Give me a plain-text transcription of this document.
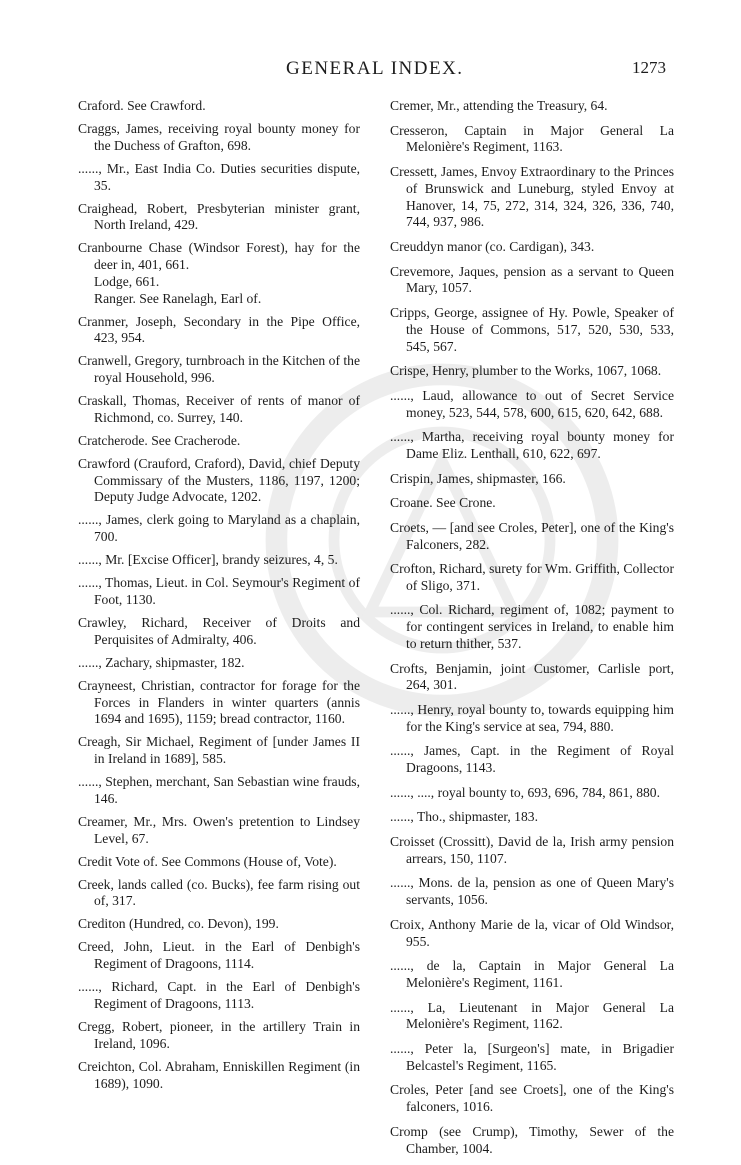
GENERAL INDEX.	1273
Craford. See Crawford.
Craggs, James, receiving royal bounty money for the Duchess of Grafton, 698.
......, Mr., East India Co. Duties securities dispute, 35.
Craighead, Robert, Presbyterian minister grant, North Ireland, 429.
Cranbourne Chase (Windsor Forest), hay for the deer in, 401, 661.
Lodge, 661.
Ranger. See Ranelagh, Earl of.
Cranmer, Joseph, Secondary in the Pipe Office, 423, 954.
Cranwell, Gregory, turnbroach in the Kitchen of the royal Household, 996.
Craskall, Thomas, Receiver of rents of manor of Richmond, co. Surrey, 140.
Cratcherode. See Cracherode.
Crawford (Crauford, Craford), David, chief Deputy Commissary of the Musters, 1186, 1197, 1200; Deputy Judge Advocate, 1202.
......, James, clerk going to Maryland as a chaplain, 700.
......, Mr. [Excise Officer], brandy seizures, 4, 5.
......, Thomas, Lieut. in Col. Seymour's Regiment of Foot, 1130.
Crawley, Richard, Receiver of Droits and Perquisites of Admiralty, 406.
......, Zachary, shipmaster, 182.
Crayneest, Christian, contractor for forage for the Forces in Flanders in winter quarters (annis 1694 and 1695), 1159; bread contractor, 1160.
Creagh, Sir Michael, Regiment of [under James II in Ireland in 1689], 585.
......, Stephen, merchant, San Sebastian wine frauds, 146.
Creamer, Mr., Mrs. Owen's pretention to Lindsey Level, 67.
Credit Vote of. See Commons (House of, Vote).
Creek, lands called (co. Bucks), fee farm rising out of, 317.
Crediton (Hundred, co. Devon), 199.
Creed, John, Lieut. in the Earl of Denbigh's Regiment of Dragoons, 1114.
......, Richard, Capt. in the Earl of Denbigh's Regiment of Dragoons, 1113.
Cregg, Robert, pioneer, in the artillery Train in Ireland, 1096.
Creichton, Col. Abraham, Enniskillen Regiment (in 1689), 1090.
Cremer, Mr., attending the Treasury, 64.
Cresseron, Captain in Major General La Melonière's Regiment, 1163.
Cressett, James, Envoy Extraordinary to the Princes of Brunswick and Luneburg, styled Envoy at Hanover, 14, 75, 272, 314, 324, 326, 336, 740, 744, 937, 986.
Creuddyn manor (co. Cardigan), 343.
Crevemore, Jaques, pension as a servant to Queen Mary, 1057.
Cripps, George, assignee of Hy. Powle, Speaker of the House of Commons, 517, 520, 530, 533, 545, 567.
Crispe, Henry, plumber to the Works, 1067, 1068.
......, Laud, allowance to out of Secret Service money, 523, 544, 578, 600, 615, 620, 642, 688.
......, Martha, receiving royal bounty money for Dame Eliz. Lenthall, 610, 622, 697.
Crispin, James, shipmaster, 166.
Croane. See Crone.
Croets, — [and see Croles, Peter], one of the King's Falconers, 282.
Crofton, Richard, surety for Wm. Griffith, Collector of Sligo, 371.
......, Col. Richard, regiment of, 1082; payment to for contingent services in Ireland, to enable him to return thither, 537.
Crofts, Benjamin, joint Customer, Carlisle port, 264, 301.
......, Henry, royal bounty to, towards equipping him for the King's service at sea, 794, 880.
......, James, Capt. in the Regiment of Royal Dragoons, 1143.
......, ...., royal bounty to, 693, 696, 784, 861, 880.
......, Tho., shipmaster, 183.
Croisset (Crossitt), David de la, Irish army pension arrears, 150, 1107.
......, Mons. de la, pension as one of Queen Mary's servants, 1056.
Croix, Anthony Marie de la, vicar of Old Windsor, 955.
......, de la, Captain in Major General La Melonière's Regiment, 1161.
......, La, Lieutenant in Major General La Melonière's Regiment, 1162.
......, Peter la, [Surgeon's] mate, in Brigadier Belcastel's Regiment, 1165.
Croles, Peter [and see Croets], one of the King's falconers, 1016.
Cromp (see Crump), Timothy, Sewer of the Chamber, 1004.
